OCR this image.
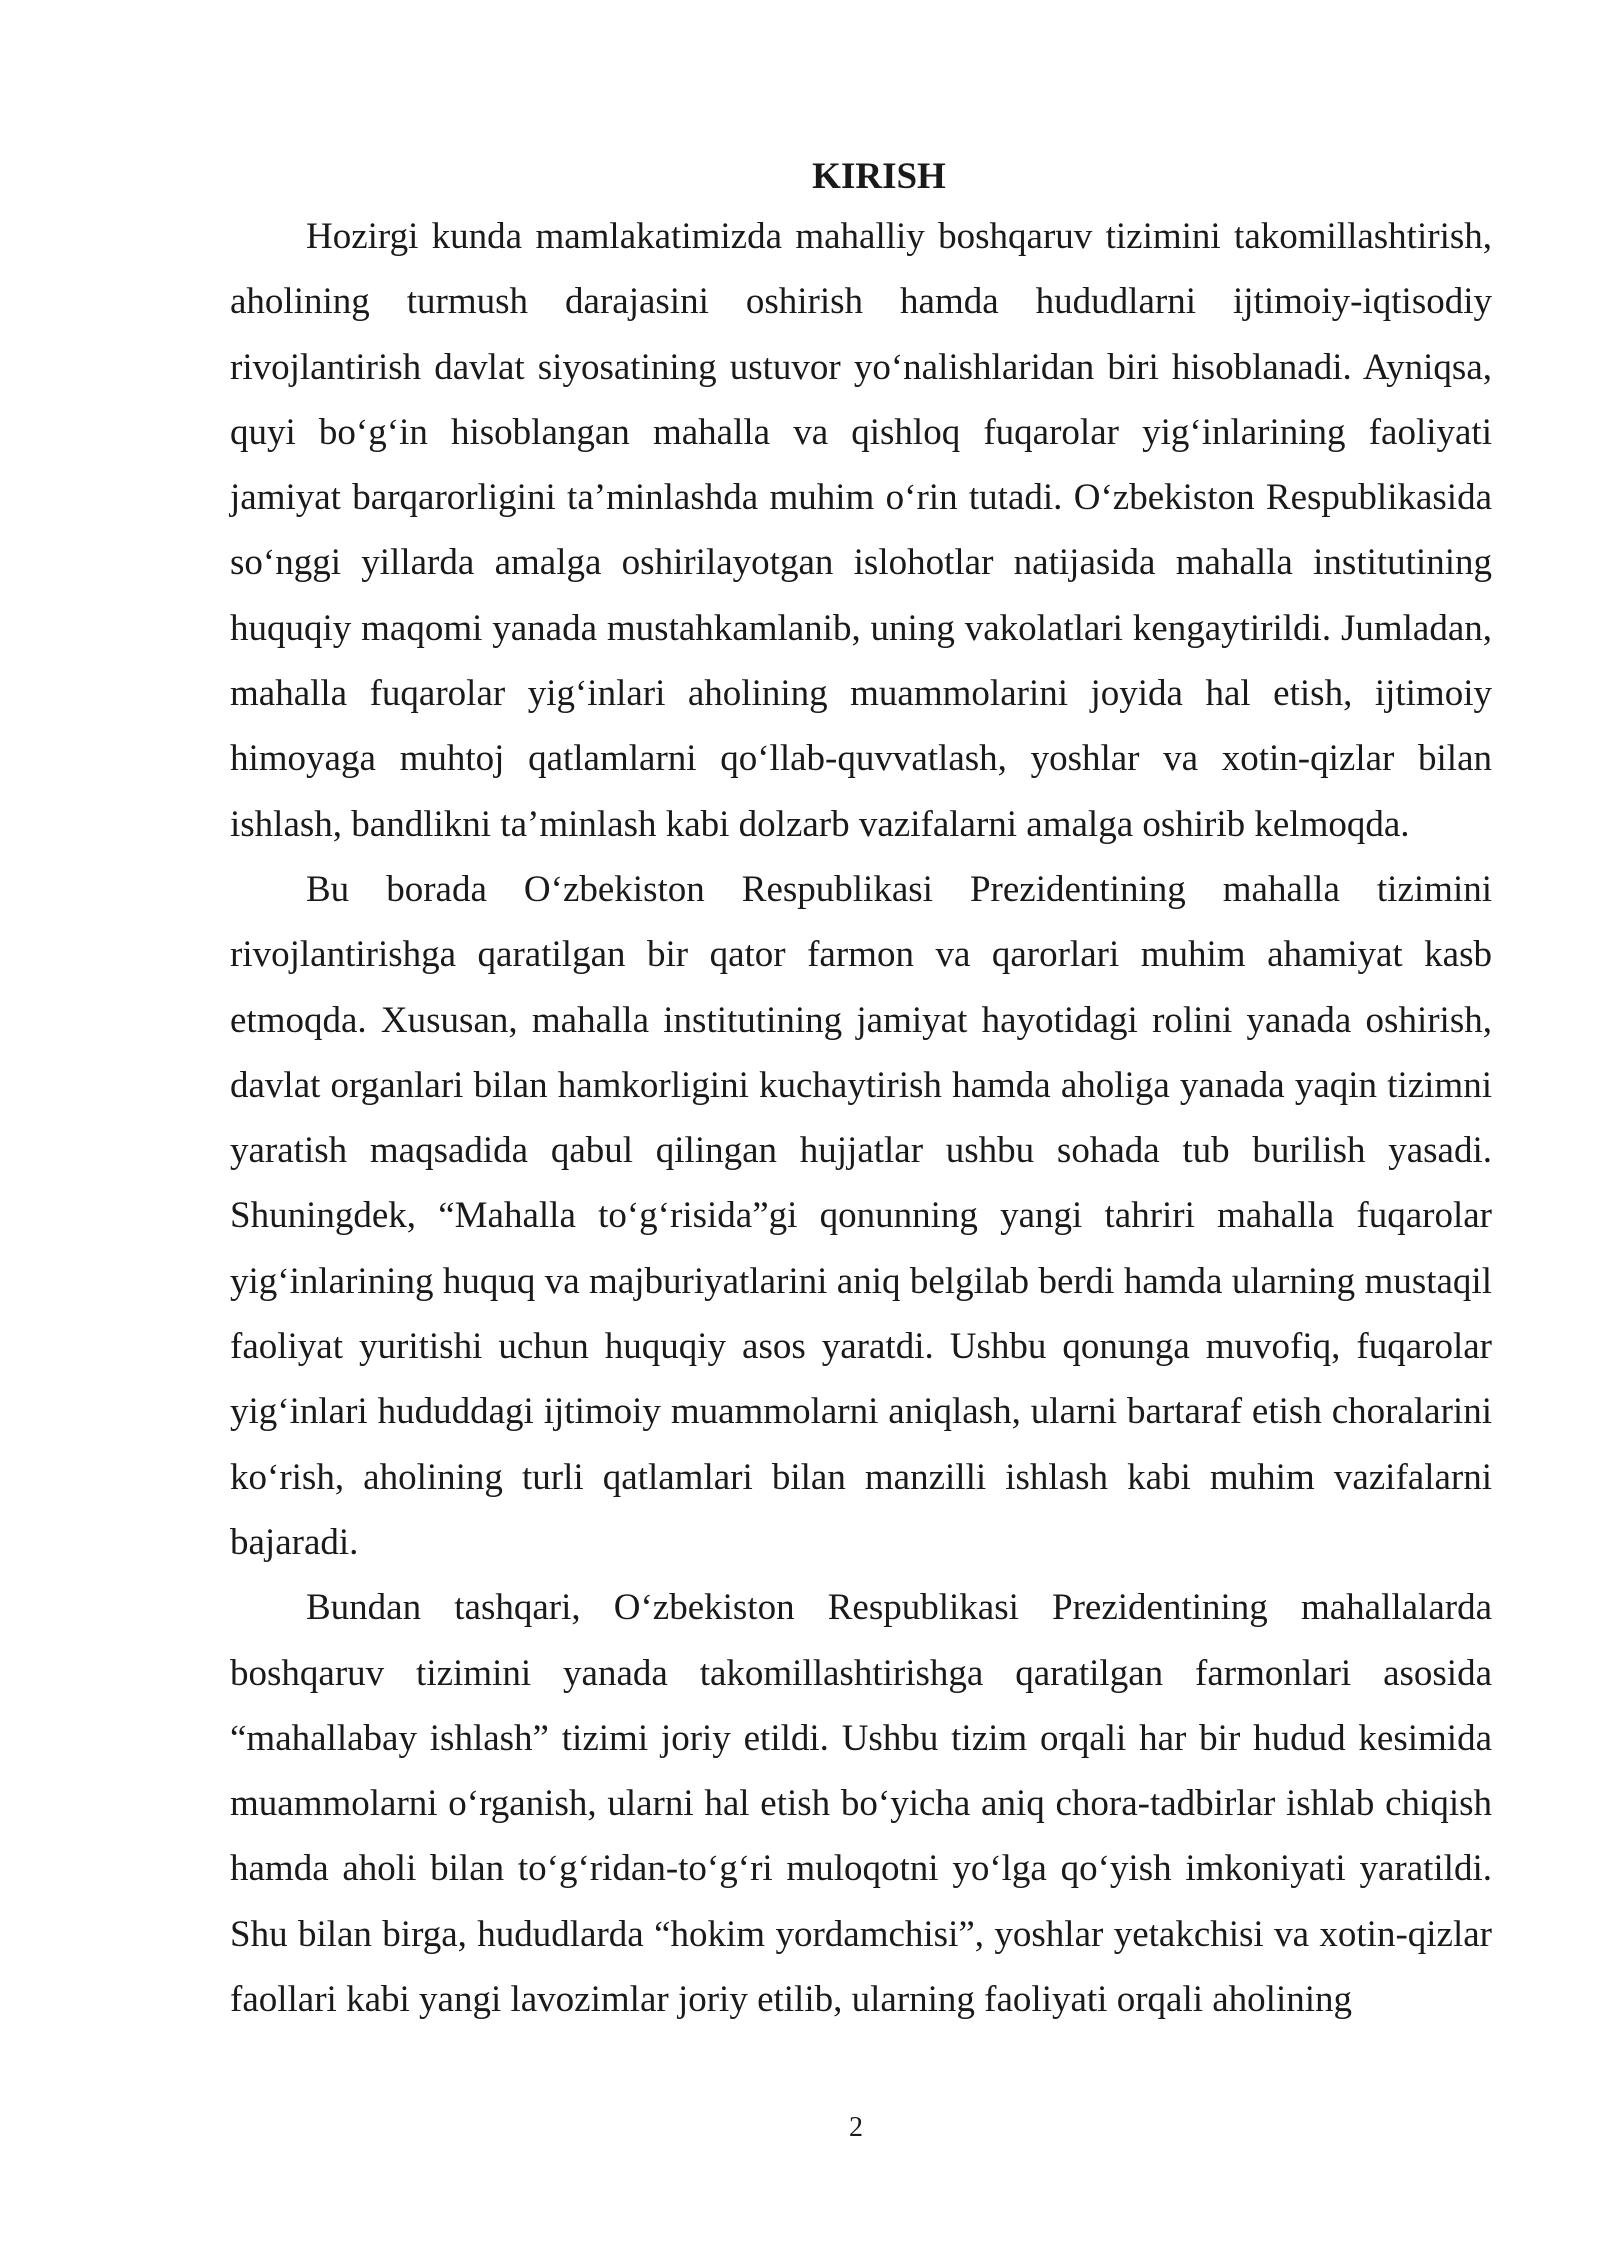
KIRISH

Hozirgi kunda mamlakatimizda mahalliy boshqaruv tizimini takomillashtirish, aholining turmush darajasini oshirish hamda hududlarni ijtimoiy-iqtisodiy rivojlantirish davlat siyosatining ustuvor yo‘nalishlaridan biri hisoblanadi. Ayniqsa, quyi bo‘g‘in hisoblangan mahalla va qishloq fuqarolar yig‘inlarining faoliyati jamiyat barqarorligini ta’minlashda muhim o‘rin tutadi. O‘zbekiston Respublikasida so‘nggi yillarda amalga oshirilayotgan islohotlar natijasida mahalla institutining huquqiy maqomi yanada mustahkamlanib, uning vakolatlari kengaytirildi. Jumladan, mahalla fuqarolar yig‘inlari aholining muammolarini joyida hal etish, ijtimoiy himoyaga muhtoj qatlamlarni qo‘llab-quvvatlash, yoshlar va xotin-qizlar bilan ishlash, bandlikni ta’minlash kabi dolzarb vazifalarni amalga oshirib kelmoqda.

Bu borada O‘zbekiston Respublikasi Prezidentining mahalla tizimini rivojlantirishga qaratilgan bir qator farmon va qarorlari muhim ahamiyat kasb etmoqda. Xususan, mahalla institutining jamiyat hayotidagi rolini yanada oshirish, davlat organlari bilan hamkorligini kuchaytirish hamda aholiga yanada yaqin tizimni yaratish maqsadida qabul qilingan hujjatlar ushbu sohada tub burilish yasadi. Shuningdek, “Mahalla to‘g‘risida”gi qonunning yangi tahriri mahalla fuqarolar yig‘inlarining huquq va majburiyatlarini aniq belgilab berdi hamda ularning mustaqil faoliyat yuritishi uchun huquqiy asos yaratdi. Ushbu qonunga muvofiq, fuqarolar yig‘inlari hududdagi ijtimoiy muammolarni aniqlash, ularni bartaraf etish choralarini ko‘rish, aholining turli qatlamlari bilan manzilli ishlash kabi muhim vazifalarni bajaradi.

Bundan tashqari, O‘zbekiston Respublikasi Prezidentining mahallalarda boshqaruv tizimini yanada takomillashtirishga qaratilgan farmonlari asosida “mahallabay ishlash” tizimi joriy etildi. Ushbu tizim orqali har bir hudud kesimida muammolarni o‘rganish, ularni hal etish bo‘yicha aniq chora-tadbirlar ishlab chiqish hamda aholi bilan to‘g‘ridan-to‘g‘ri muloqotni yo‘lga qo‘yish imkoniyati yaratildi. Shu bilan birga, hududlarda “hokim yordamchisi”, yoshlar yetakchisi va xotin-qizlar faollari kabi yangi lavozimlar joriy etilib, ularning faoliyati orqali aholining

2
